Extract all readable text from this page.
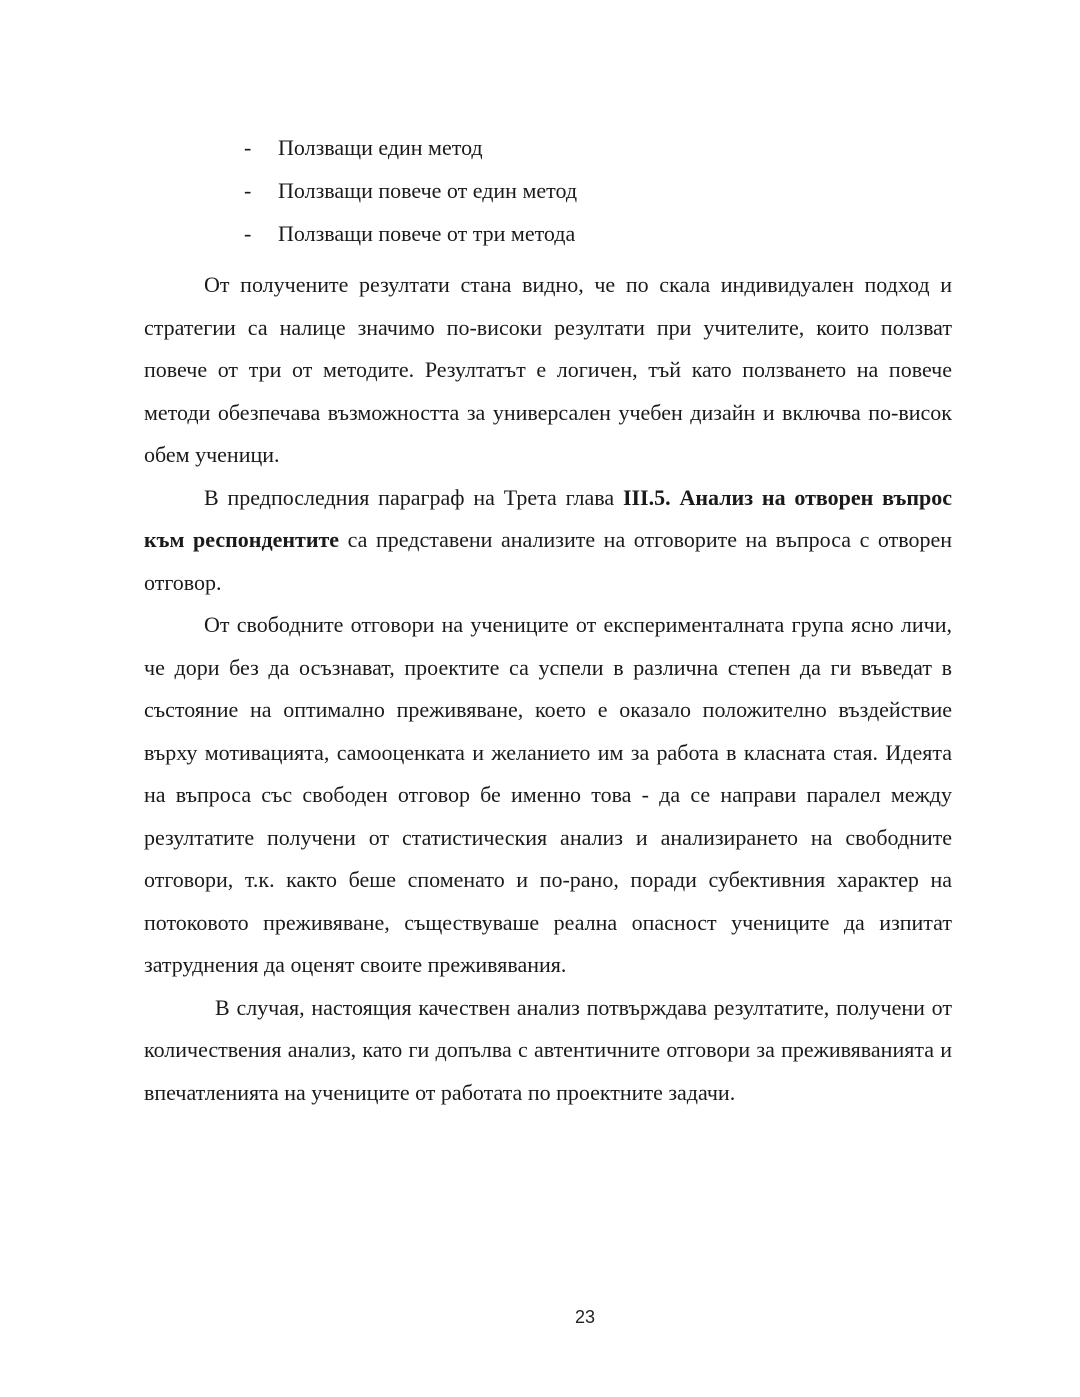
-	Ползващи един метод
-	Ползващи повече от един метод
-	Ползващи повече от три метода

От получените резултати стана видно, че по скала индивидуален подход и стратегии са налице значимо по-високи резултати при учителите, които ползват повече от три от методите. Резултатът е логичен, тъй като ползването на повече методи обезпечава възможността за универсален учебен дизайн и включва по-висок обем ученици.

В предпоследния параграф на Трета глава III.5. Анализ на отворен въпрос към респондентите са представени анализите на отговорите на въпроса с отворен отговор.

От свободните отговори на учениците от експерименталната група ясно личи, че дори без да осъзнават, проектите са успели в различна степен да ги въведат в състояние на оптимално преживяване, което е оказало положително въздействие върху мотивацията, самооценката и желанието им за работа в класната стая. Идеята на въпроса със свободен отговор бе именно това - да се направи паралел между резултатите получени от статистическия анализ и анализирането на свободните отговори, т.к. както беше споменато и по-рано, поради субективния характер на потоковото преживяване, съществуваше реална опасност учениците да изпитат затруднения да оценят своите преживявания.

В случая, настоящия качествен анализ потвърждава резултатите, получени от количествения анализ, като ги допълва с автентичните отговори за преживяванията и впечатленията на учениците от работата по проектните задачи.

23
